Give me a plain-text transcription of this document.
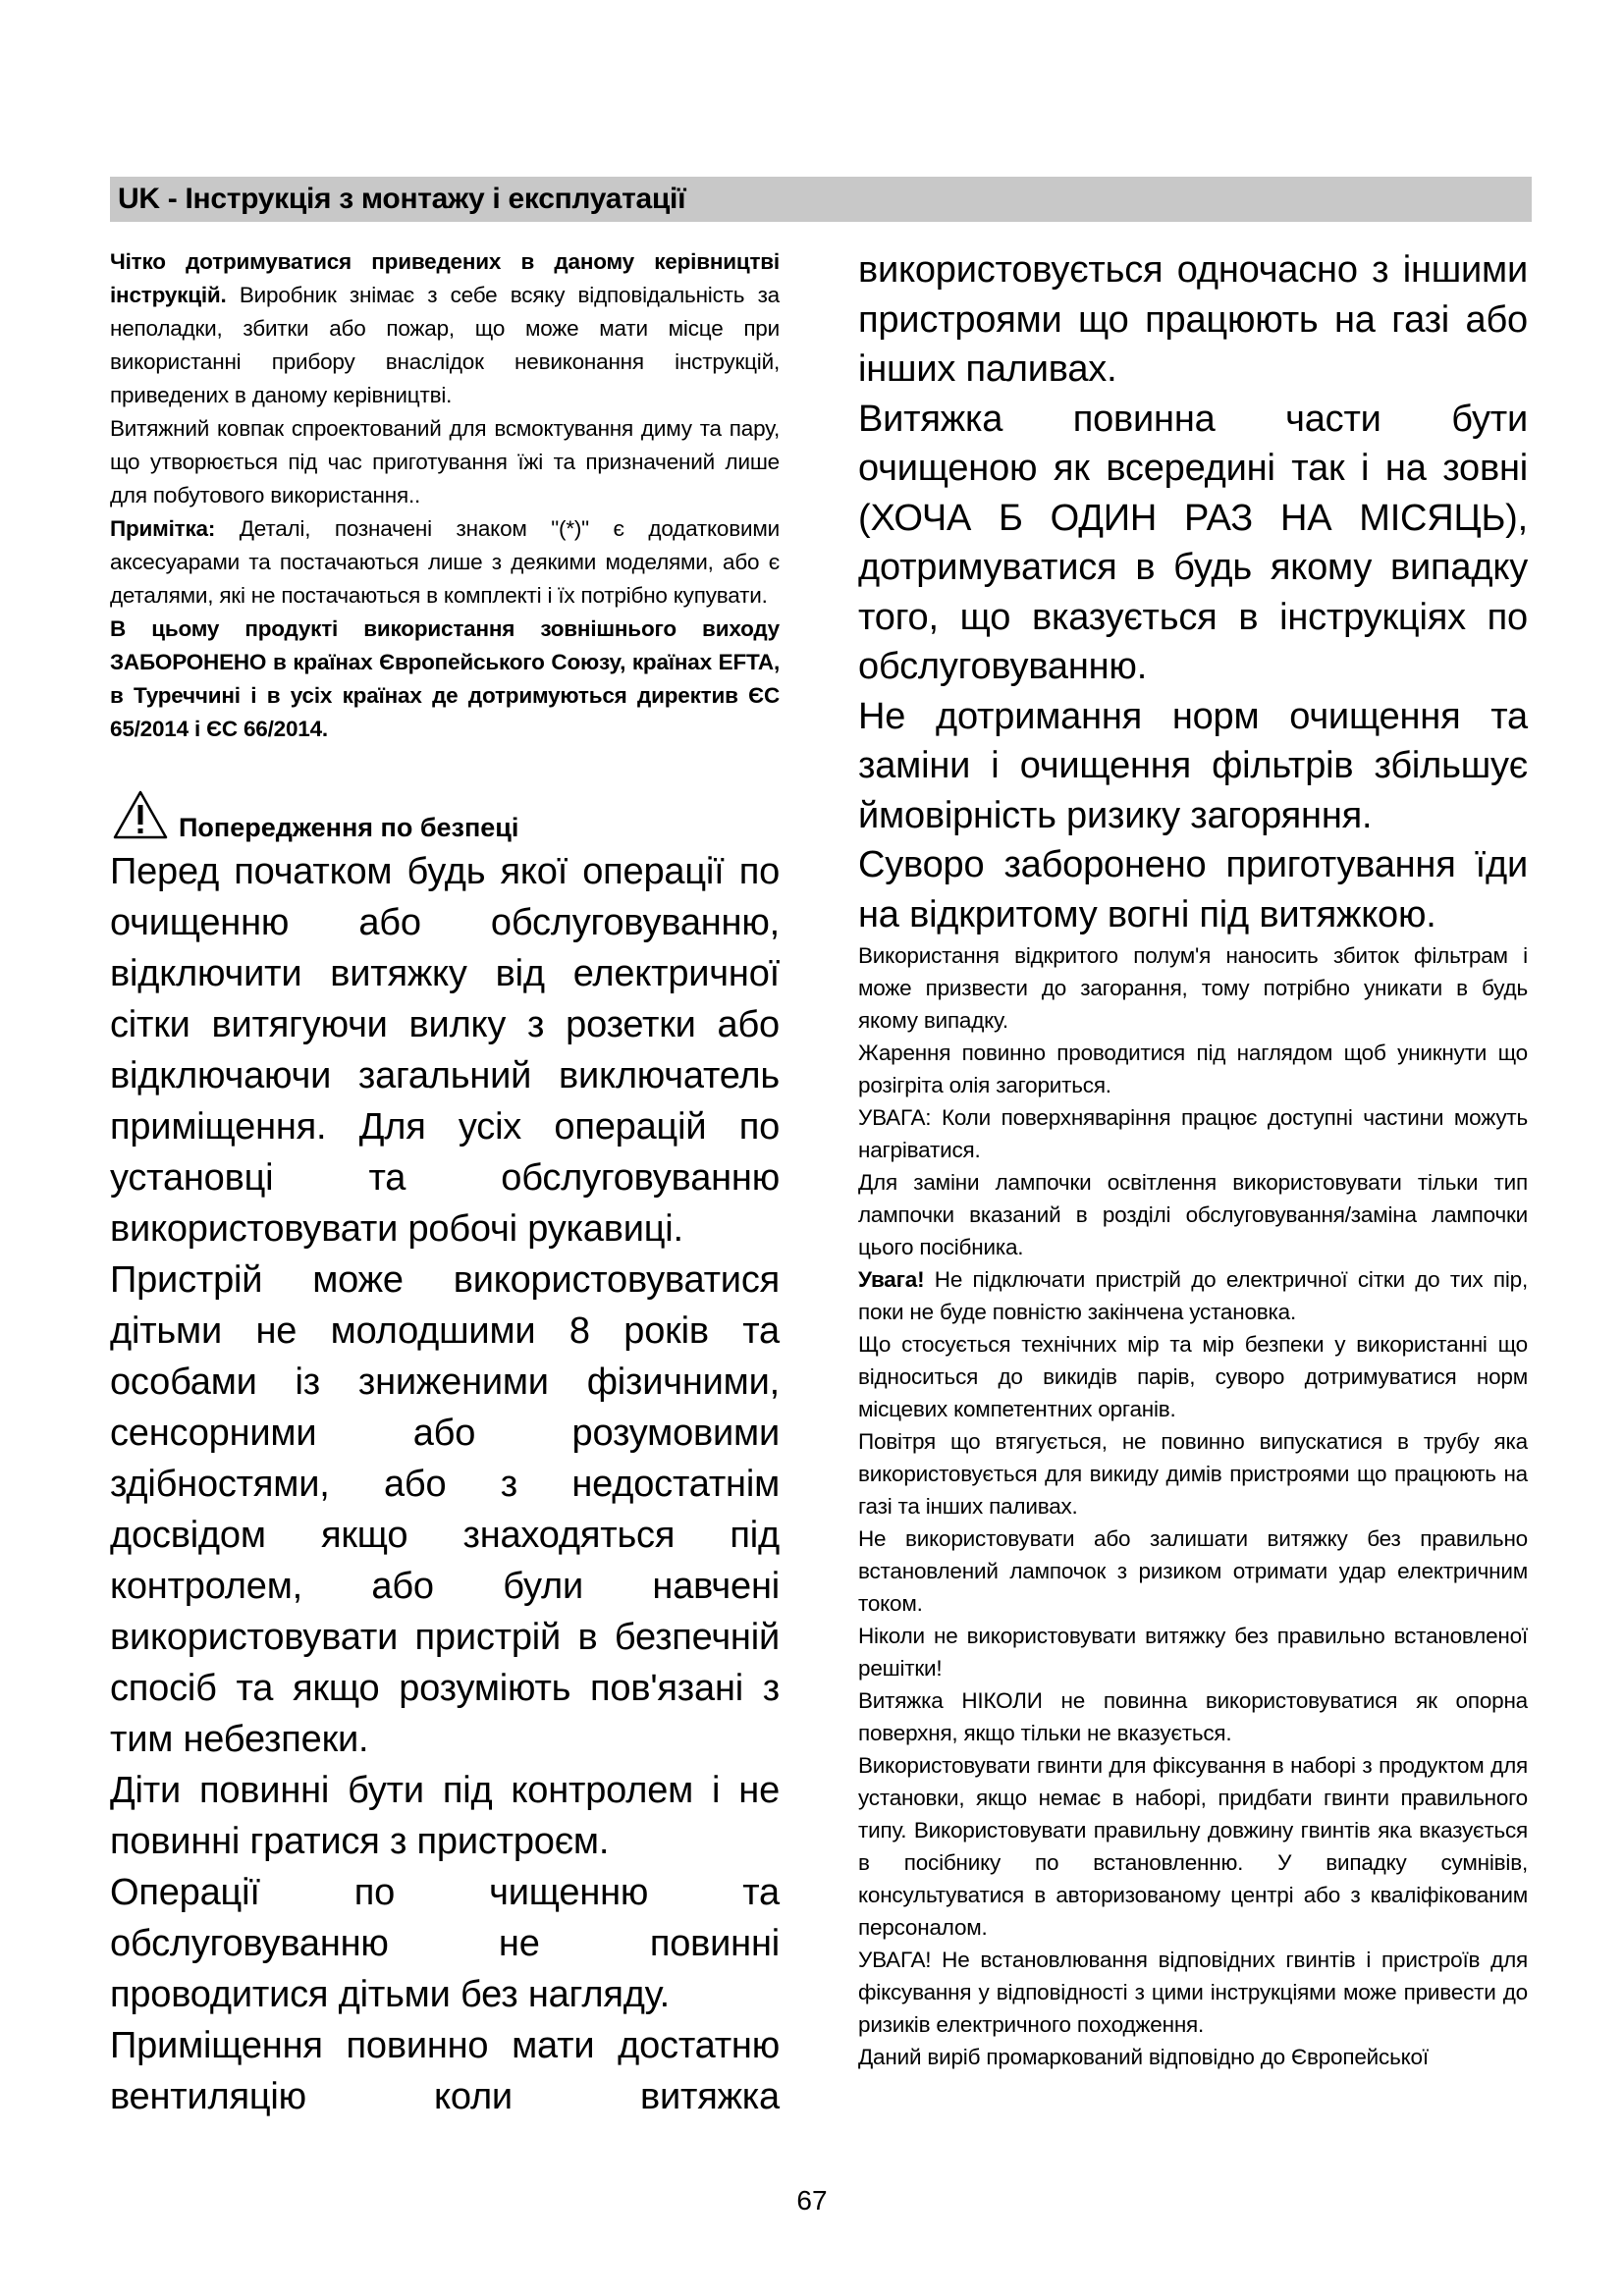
UK - Інструкція з монтажу і експлуатації

Чітко дотримуватися приведених в даному керівництві інструкцій. Виробник знімає з себе всяку відповідальність за неполадки, збитки або пожар, що може мати місце при використанні прибору внаслідок невиконання інструкцій, приведених в даному керівництві.

Витяжний ковпак спроектований для всмоктування диму та пару, що утворюється під час приготування їжі та призначений лише для побутового використання..

Примітка: Деталі, позначені знаком "(*)" є додатковими аксесуарами та постачаються лише з деякими моделями, або є деталями, які не постачаються в комплекті і їх потрібно купувати.

В цьому продукті використання зовнішнього виходу ЗАБОРОНЕНО в країнах Європейського Союзу, країнах EFTA, в Туреччині і в усіх країнах де дотримуються директив ЄС 65/2014 і ЄС 66/2014.

Попередження по безпеці

Перед початком будь якої операції по очищенню або обслуговуванню, відключити витяжку від електричної сітки витягуючи вилку з розетки або відключаючи загальний виключатель приміщення. Для усіх операцій по установці та обслуговуванню використовувати робочі рукавиці.

Пристрій може використовуватися дітьми не молодшими 8 років та особами із зниженими фізичними, сенсорними або розумовими здібностями, або з недостатнім досвідом якщо знаходяться під контролем, або були навчені використовувати пристрій в безпечній спосіб та якщо розуміють пов'язані з тим небезпеки.

Діти повинні бути під контролем і не повинні гратися з пристроєм.

Операції по чищенню та обслуговуванню не повинні проводитися дітьми без нагляду.

Приміщення повинно мати достатню вентиляцію коли витяжка

використовується одночасно з іншими пристроями що працюють на газі або інших паливах.

Витяжка повинна части бути очищеною як всередині так і на зовні (ХОЧА Б ОДИН РАЗ НА МІСЯЦЬ), дотримуватися в будь якому випадку того, що вказується в інструкціях по обслуговуванню.

Не дотримання норм очищення та заміни і очищення фільтрів збільшує ймовірність ризику загоряння.

Суворо заборонено приготування їди на відкритому вогні під витяжкою.

Використання відкритого полум'я наносить збиток фільтрам і може призвести до загорання, тому потрібно уникати в будь якому випадку.

Жарення повинно проводитися під наглядом щоб уникнути що розігріта олія загориться.

УВАГА: Коли поверхняваріння працює доступні частини можуть нагріватися.

Для заміни лампочки освітлення використовувати тільки тип лампочки вказаний в розділі обслуговування/заміна лампочки цього посібника.

Увага! Не підключати пристрій до електричної сітки до тих пір, поки не буде повністю закінчена установка.

Що стосується технічних мір та мір безпеки у використанні що відноситься до викидів парів, суворо дотримуватися норм місцевих компетентних органів.

Повітря що втягується, не повинно випускатися в трубу яка використовується для викиду димів пристроями що працюють на газі та інших паливах.

Не використовувати або залишати витяжку без правильно встановлений лампочок з ризиком отримати удар електричним током.

Ніколи не використовувати витяжку без правильно встановленої решітки!

Витяжка НІКОЛИ не повинна використовуватися як опорна поверхня, якщо тільки не вказується.

Використовувати гвинти для фіксування в наборі з продуктом для установки, якщо немає в наборі, придбати гвинти правильного типу. Використовувати правильну довжину гвинтів яка вказується в посібнику по встановленню. У випадку сумнівів, консультуватися в авторизованому центрі або з кваліфікованим персоналом.

УВАГА! Не встановлювання відповідних гвинтів і пристроїв для фіксування у відповідності з цими інструкціями може привести до ризиків електричного походження.

Даний виріб промаркований відповідно до Європейської

67
